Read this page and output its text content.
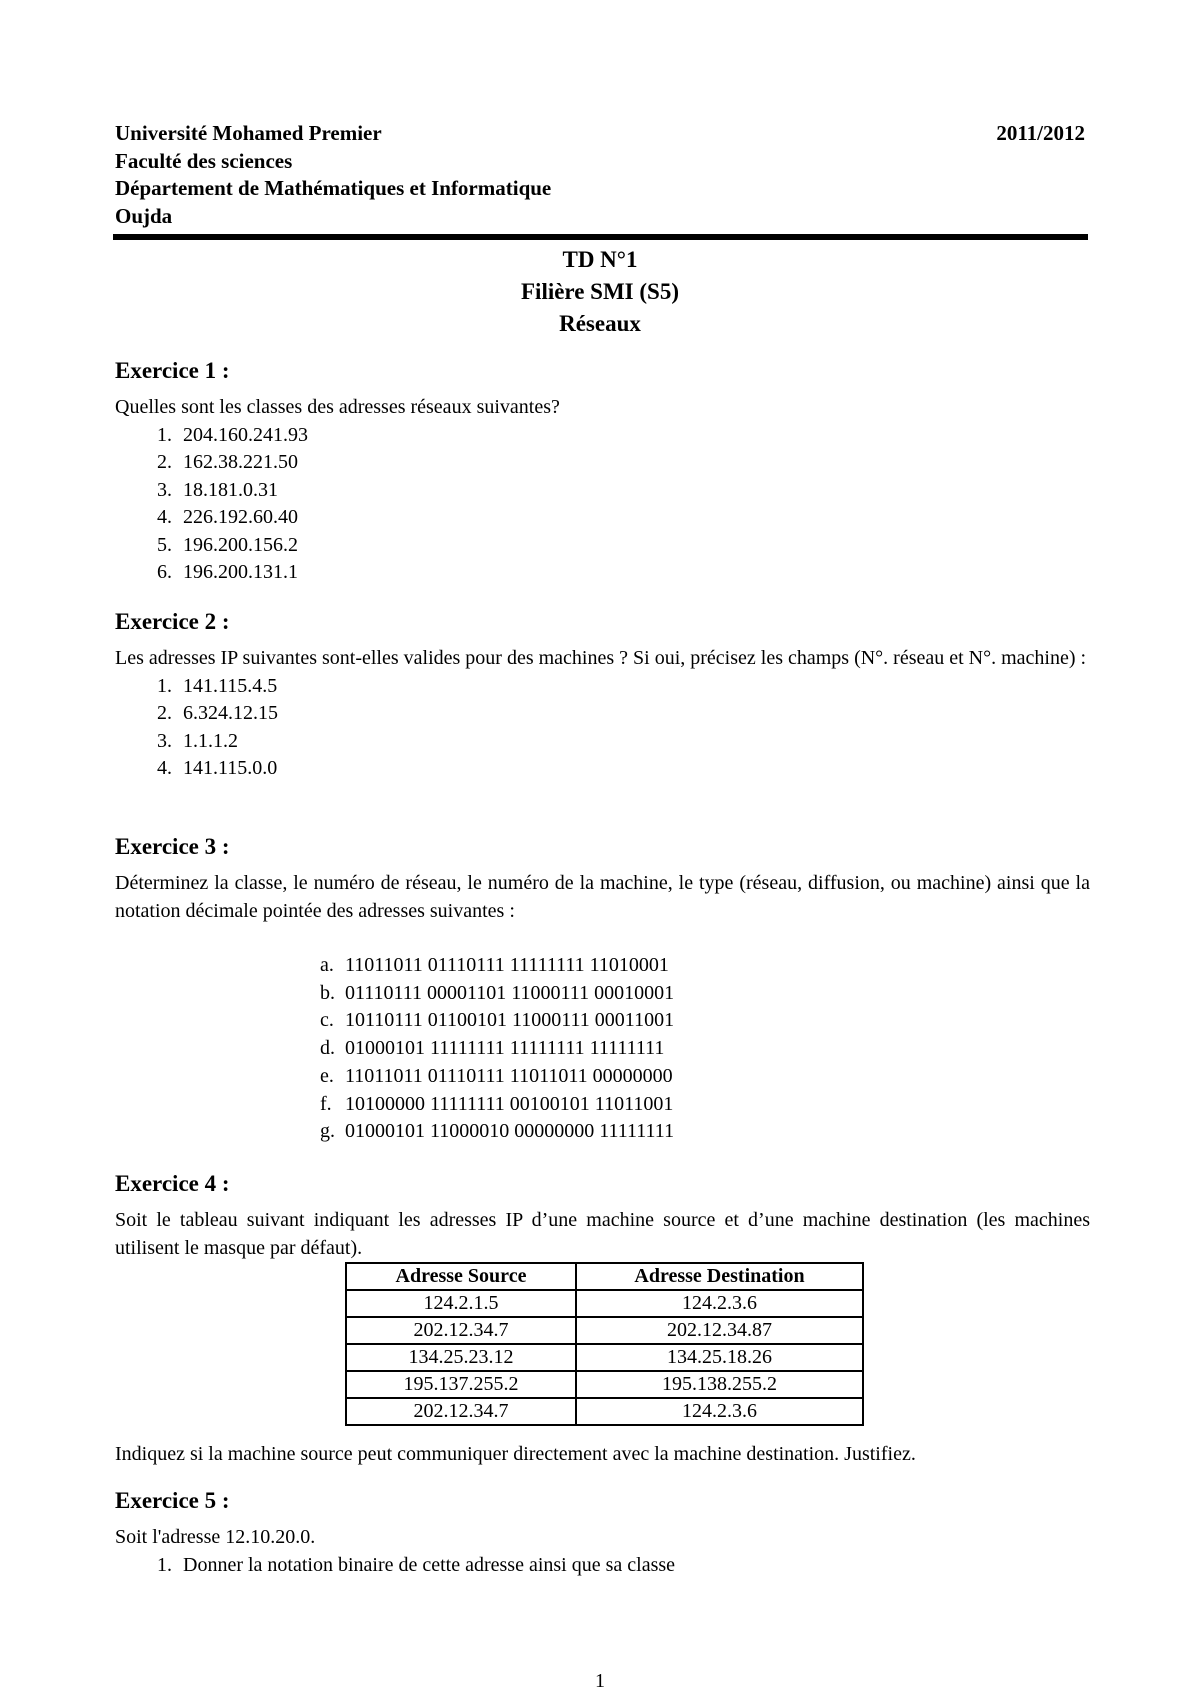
Université Mohamed Premier
Faculté des sciences
Département de Mathématiques et Informatique
Oujda
2011/2012
TD N°1
Filière SMI (S5)
Réseaux
Exercice 1 :

Quelles sont les classes des adresses réseaux suivantes?

1. 204.160.241.93
2. 162.38.221.50
3. 18.181.0.31
4. 226.192.60.40
5. 196.200.156.2
6. 196.200.131.1
Exercice 2 :

Les adresses IP suivantes sont-elles valides pour des machines ? Si oui, précisez les champs (N°. réseau et N°. machine) :

1. 141.115.4.5
2. 6.324.12.15
3. 1.1.1.2
4. 141.115.0.0
Exercice 3 :

Déterminez la classe, le numéro de réseau, le numéro de la machine, le type (réseau, diffusion, ou machine) ainsi que la notation décimale pointée des adresses suivantes :

a. 11011011 01110111 11111111 11010001
b. 01110111 00001101 11000111 00010001
c. 10110111 01100101 11000111 00011001
d. 01000101 11111111 11111111 11111111
e. 11011011 01110111 11011011 00000000
f. 10100000 11111111 00100101 11011001
g. 01000101 11000010 00000000 11111111
Exercice 4 :

Soit le tableau suivant indiquant les adresses IP d’une machine source et d’une machine destination (les machines utilisent le masque par défaut).

Adresse Source	Adresse Destination
124.2.1.5	124.2.3.6
202.12.34.7	202.12.34.87
134.25.23.12	134.25.18.26
195.137.255.2	195.138.255.2
202.12.34.7	124.2.3.6

Indiquez si la machine source peut communiquer directement avec la machine destination. Justifiez.

Exercice 5 :

Soit l'adresse 12.10.20.0.

1. Donner la notation binaire de cette adresse ainsi que sa classe
1
